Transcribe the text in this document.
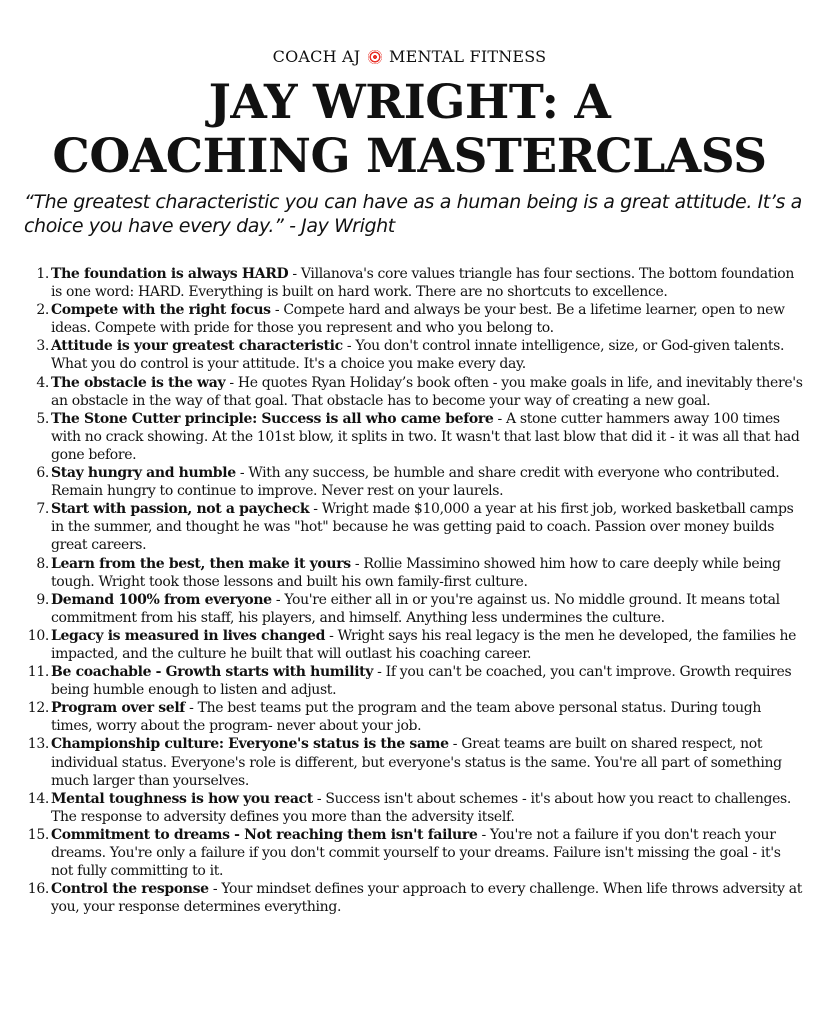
COACH AJ MENTAL FITNESS
JAY WRIGHT: A
COACHING MASTERCLASS
“The greatest characteristic you can have as a human being is a great attitude. It’s a choice you have every day.” - Jay Wright
1. The foundation is always HARD - Villanova's core values triangle has four sections. The bottom foundation is one word: HARD. Everything is built on hard work. There are no shortcuts to excellence.
2. Compete with the right focus - Compete hard and always be your best. Be a lifetime learner, open to new ideas. Compete with pride for those you represent and who you belong to.
3. Attitude is your greatest characteristic - You don't control innate intelligence, size, or God-given talents. What you do control is your attitude. It's a choice you make every day.
4. The obstacle is the way - He quotes Ryan Holiday’s book often - you make goals in life, and inevitably there's an obstacle in the way of that goal. That obstacle has to become your way of creating a new goal.
5. The Stone Cutter principle: Success is all who came before - A stone cutter hammers away 100 times with no crack showing. At the 101st blow, it splits in two. It wasn't that last blow that did it - it was all that had gone before.
6. Stay hungry and humble - With any success, be humble and share credit with everyone who contributed. Remain hungry to continue to improve. Never rest on your laurels.
7. Start with passion, not a paycheck - Wright made $10,000 a year at his first job, worked basketball camps in the summer, and thought he was "hot" because he was getting paid to coach. Passion over money builds great careers.
8. Learn from the best, then make it yours - Rollie Massimino showed him how to care deeply while being tough. Wright took those lessons and built his own family-first culture.
9. Demand 100% from everyone - You're either all in or you're against us. No middle ground. It means total commitment from his staff, his players, and himself. Anything less undermines the culture.
10. Legacy is measured in lives changed - Wright says his real legacy is the men he developed, the families he impacted, and the culture he built that will outlast his coaching career.
11. Be coachable - Growth starts with humility - If you can't be coached, you can't improve. Growth requires being humble enough to listen and adjust.
12. Program over self - The best teams put the program and the team above personal status. During tough times, worry about the program- never about your job.
13. Championship culture: Everyone's status is the same - Great teams are built on shared respect, not individual status. Everyone's role is different, but everyone's status is the same. You're all part of something much larger than yourselves.
14. Mental toughness is how you react - Success isn't about schemes - it's about how you react to challenges. The response to adversity defines you more than the adversity itself.
15. Commitment to dreams - Not reaching them isn't failure - You're not a failure if you don't reach your dreams. You're only a failure if you don't commit yourself to your dreams. Failure isn't missing the goal - it's not fully committing to it.
16. Control the response - Your mindset defines your approach to every challenge. When life throws adversity at you, your response determines everything.
